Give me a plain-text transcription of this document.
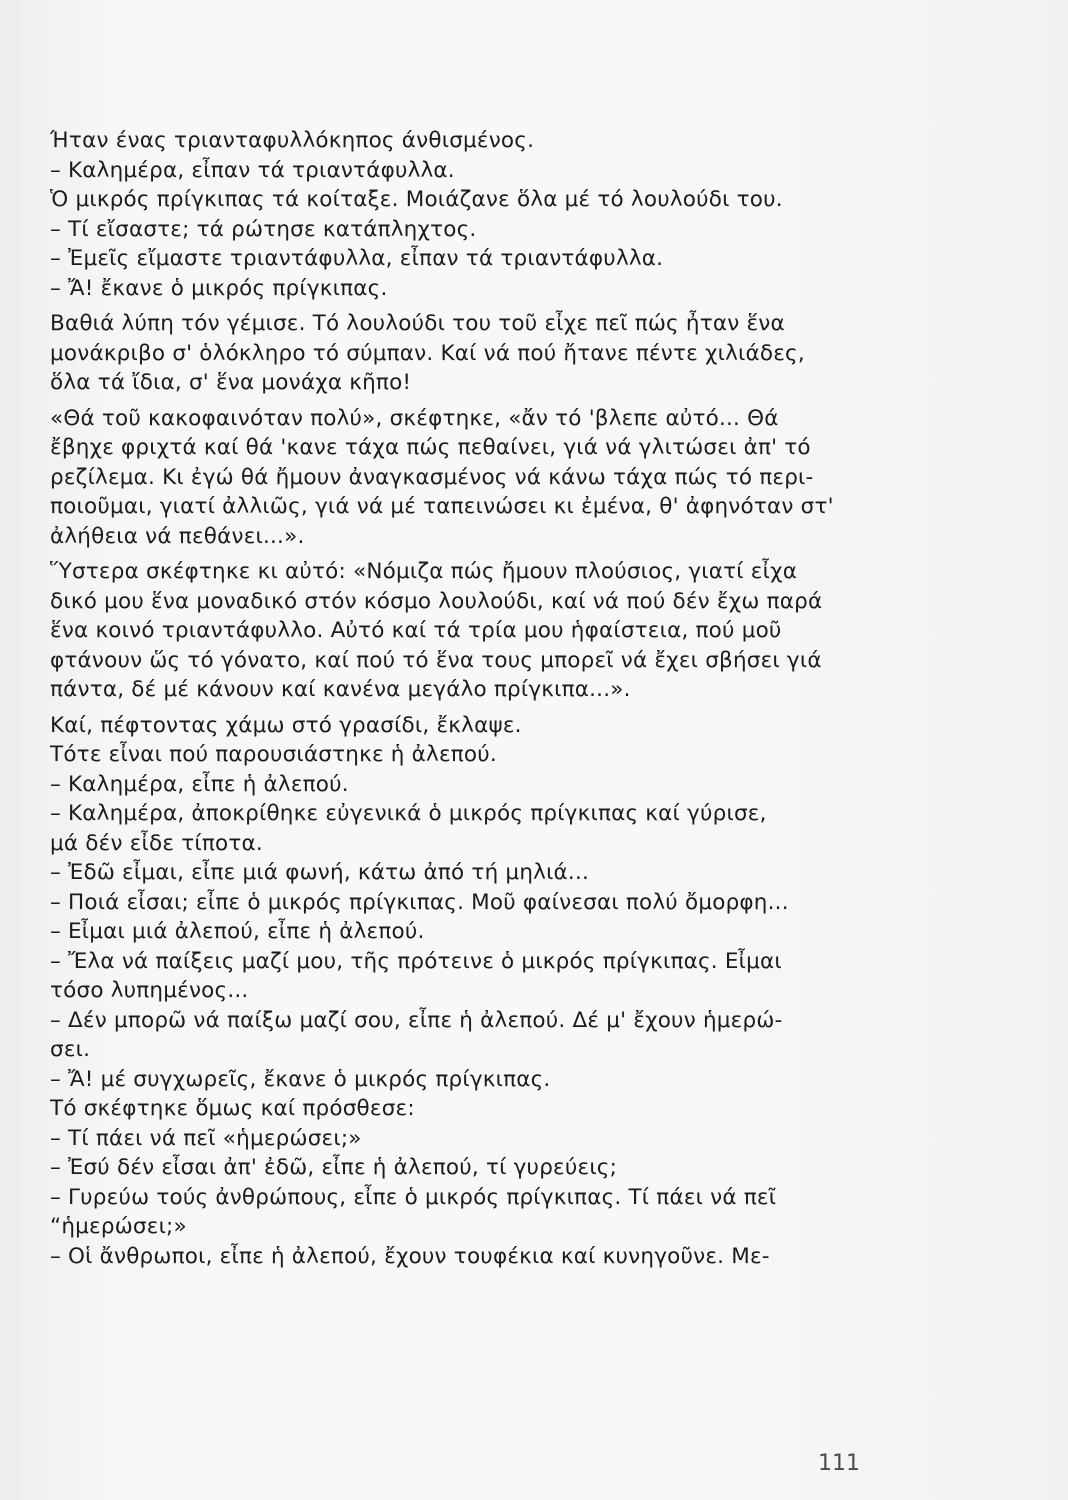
Ήταν ένας τριανταφυλλόκηπος άνθισμένος.
– Καλημέρα, εἶπαν τά τριαντάφυλλα.
Ὁ μικρός πρίγκιπας τά κοίταξε. Μοιάζανε ὅλα μέ τό λουλούδι του.
– Τί εἴσαστε; τά ρώτησε κατάπληχτος.
– Ἐμεῖς εἴμαστε τριαντάφυλλα, εἶπαν τά τριαντάφυλλα.
– Ἄ! ἔκανε ὁ μικρός πρίγκιπας.
Βαθιά λύπη τόν γέμισε. Τό λουλούδι του τοῦ εἶχε πεῖ πώς ἦταν ἕνα
μονάκριβο σ' ὁλόκληρο τό σύμπαν. Καί νά πού ἤτανε πέντε χιλιάδες,
ὅλα τά ἴδια, σ' ἕνα μονάχα κῆπο!
«Θά τοῦ κακοφαινόταν πολύ», σκέφτηκε, «ἄν τό 'βλεπε αὐτό... Θά
ἔβηχε φριχτά καί θά 'κανε τάχα πώς πεθαίνει, γιά νά γλιτώσει ἀπ' τό
ρεζίλεμα. Κι ἐγώ θά ἤμουν ἀναγκασμένος νά κάνω τάχα πώς τό περι-
ποιοῦμαι, γιατί ἀλλιῶς, γιά νά μέ ταπεινώσει κι ἐμένα, θ' ἀφηνόταν στ'
ἀλήθεια νά πεθάνει...».
Ὕστερα σκέφτηκε κι αὐτό: «Νόμιζα πώς ἤμουν πλούσιος, γιατί εἶχα
δικό μου ἕνα μοναδικό στόν κόσμο λουλούδι, καί νά πού δέν ἔχω παρά
ἕνα κοινό τριαντάφυλλο. Αὐτό καί τά τρία μου ἡφαίστεια, πού μοῦ
φτάνουν ὥς τό γόνατο, καί πού τό ἕνα τους μπορεῖ νά ἔχει σβήσει γιά
πάντα, δέ μέ κάνουν καί κανένα μεγάλο πρίγκιπα...».
Καί, πέφτοντας χάμω στό γρασίδι, ἔκλαψε.
Τότε εἶναι πού παρουσιάστηκε ἡ ἀλεπού.
– Καλημέρα, εἶπε ἡ ἀλεπού.
– Καλημέρα, ἀποκρίθηκε εὐγενικά ὁ μικρός πρίγκιπας καί γύρισε,
μά δέν εἶδε τίποτα.
– Ἐδῶ εἶμαι, εἶπε μιά φωνή, κάτω ἀπό τή μηλιά...
– Ποιά εἶσαι; εἶπε ὁ μικρός πρίγκιπας. Μοῦ φαίνεσαι πολύ ὄμορφη...
– Εἶμαι μιά ἀλεπού, εἶπε ἡ ἀλεπού.
– Ἔλα νά παίξεις μαζί μου, τῆς πρότεινε ὁ μικρός πρίγκιπας. Εἶμαι
τόσο λυπημένος...
– Δέν μπορῶ νά παίξω μαζί σου, εἶπε ἡ ἀλεπού. Δέ μ' ἔχουν ἡμερώ-
σει.
– Ἄ! μέ συγχωρεῖς, ἔκανε ὁ μικρός πρίγκιπας.
Τό σκέφτηκε ὅμως καί πρόσθεσε:
– Τί πάει νά πεῖ «ἡμερώσει;»
– Ἐσύ δέν εἶσαι ἀπ' ἐδῶ, εἶπε ἡ ἀλεπού, τί γυρεύεις;
– Γυρεύω τούς ἀνθρώπους, εἶπε ὁ μικρός πρίγκιπας. Τί πάει νά πεῖ
“ἡμερώσει;»
– Οἱ ἄνθρωποι, εἶπε ἡ ἀλεπού, ἔχουν τουφέκια καί κυνηγοῦνε. Με-
111
